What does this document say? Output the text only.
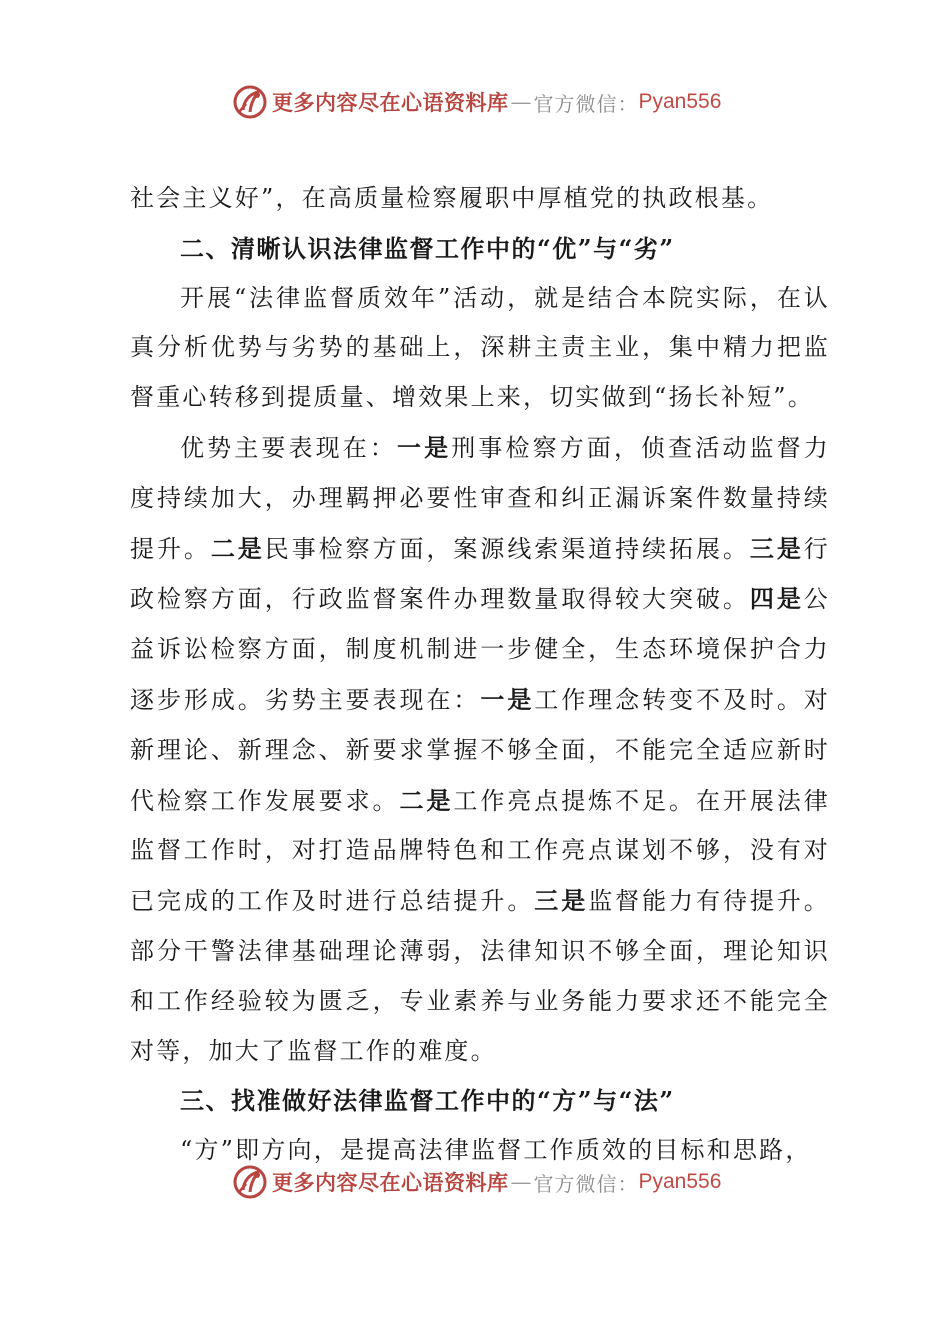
更多内容尽在心语资料库 — 官方微信： Pyan556

社会主义好”，在高质量检察履职中厚植党的执政根基。

二、清晰认识法律监督工作中的“优”与“劣”

开展“法律监督质效年”活动，就是结合本院实际，在认真分析优势与劣势的基础上，深耕主责主业，集中精力把监督重心转移到提质量、增效果上来，切实做到“扬长补短”。

优势主要表现在：一是刑事检察方面，侦查活动监督力度持续加大，办理羁押必要性审查和纠正漏诉案件数量持续提升。二是民事检察方面，案源线索渠道持续拓展。三是行政检察方面，行政监督案件办理数量取得较大突破。四是公益诉讼检察方面，制度机制进一步健全，生态环境保护合力逐步形成。劣势主要表现在：一是工作理念转变不及时。对新理论、新理念、新要求掌握不够全面，不能完全适应新时代检察工作发展要求。二是工作亮点提炼不足。在开展法律监督工作时，对打造品牌特色和工作亮点谋划不够，没有对已完成的工作及时进行总结提升。三是监督能力有待提升。部分干警法律基础理论薄弱，法律知识不够全面，理论知识和工作经验较为匮乏，专业素养与业务能力要求还不能完全对等，加大了监督工作的难度。

三、找准做好法律监督工作中的“方”与“法”

“方”即方向，是提高法律监督工作质效的目标和思路，

更多内容尽在心语资料库 — 官方微信： Pyan556
